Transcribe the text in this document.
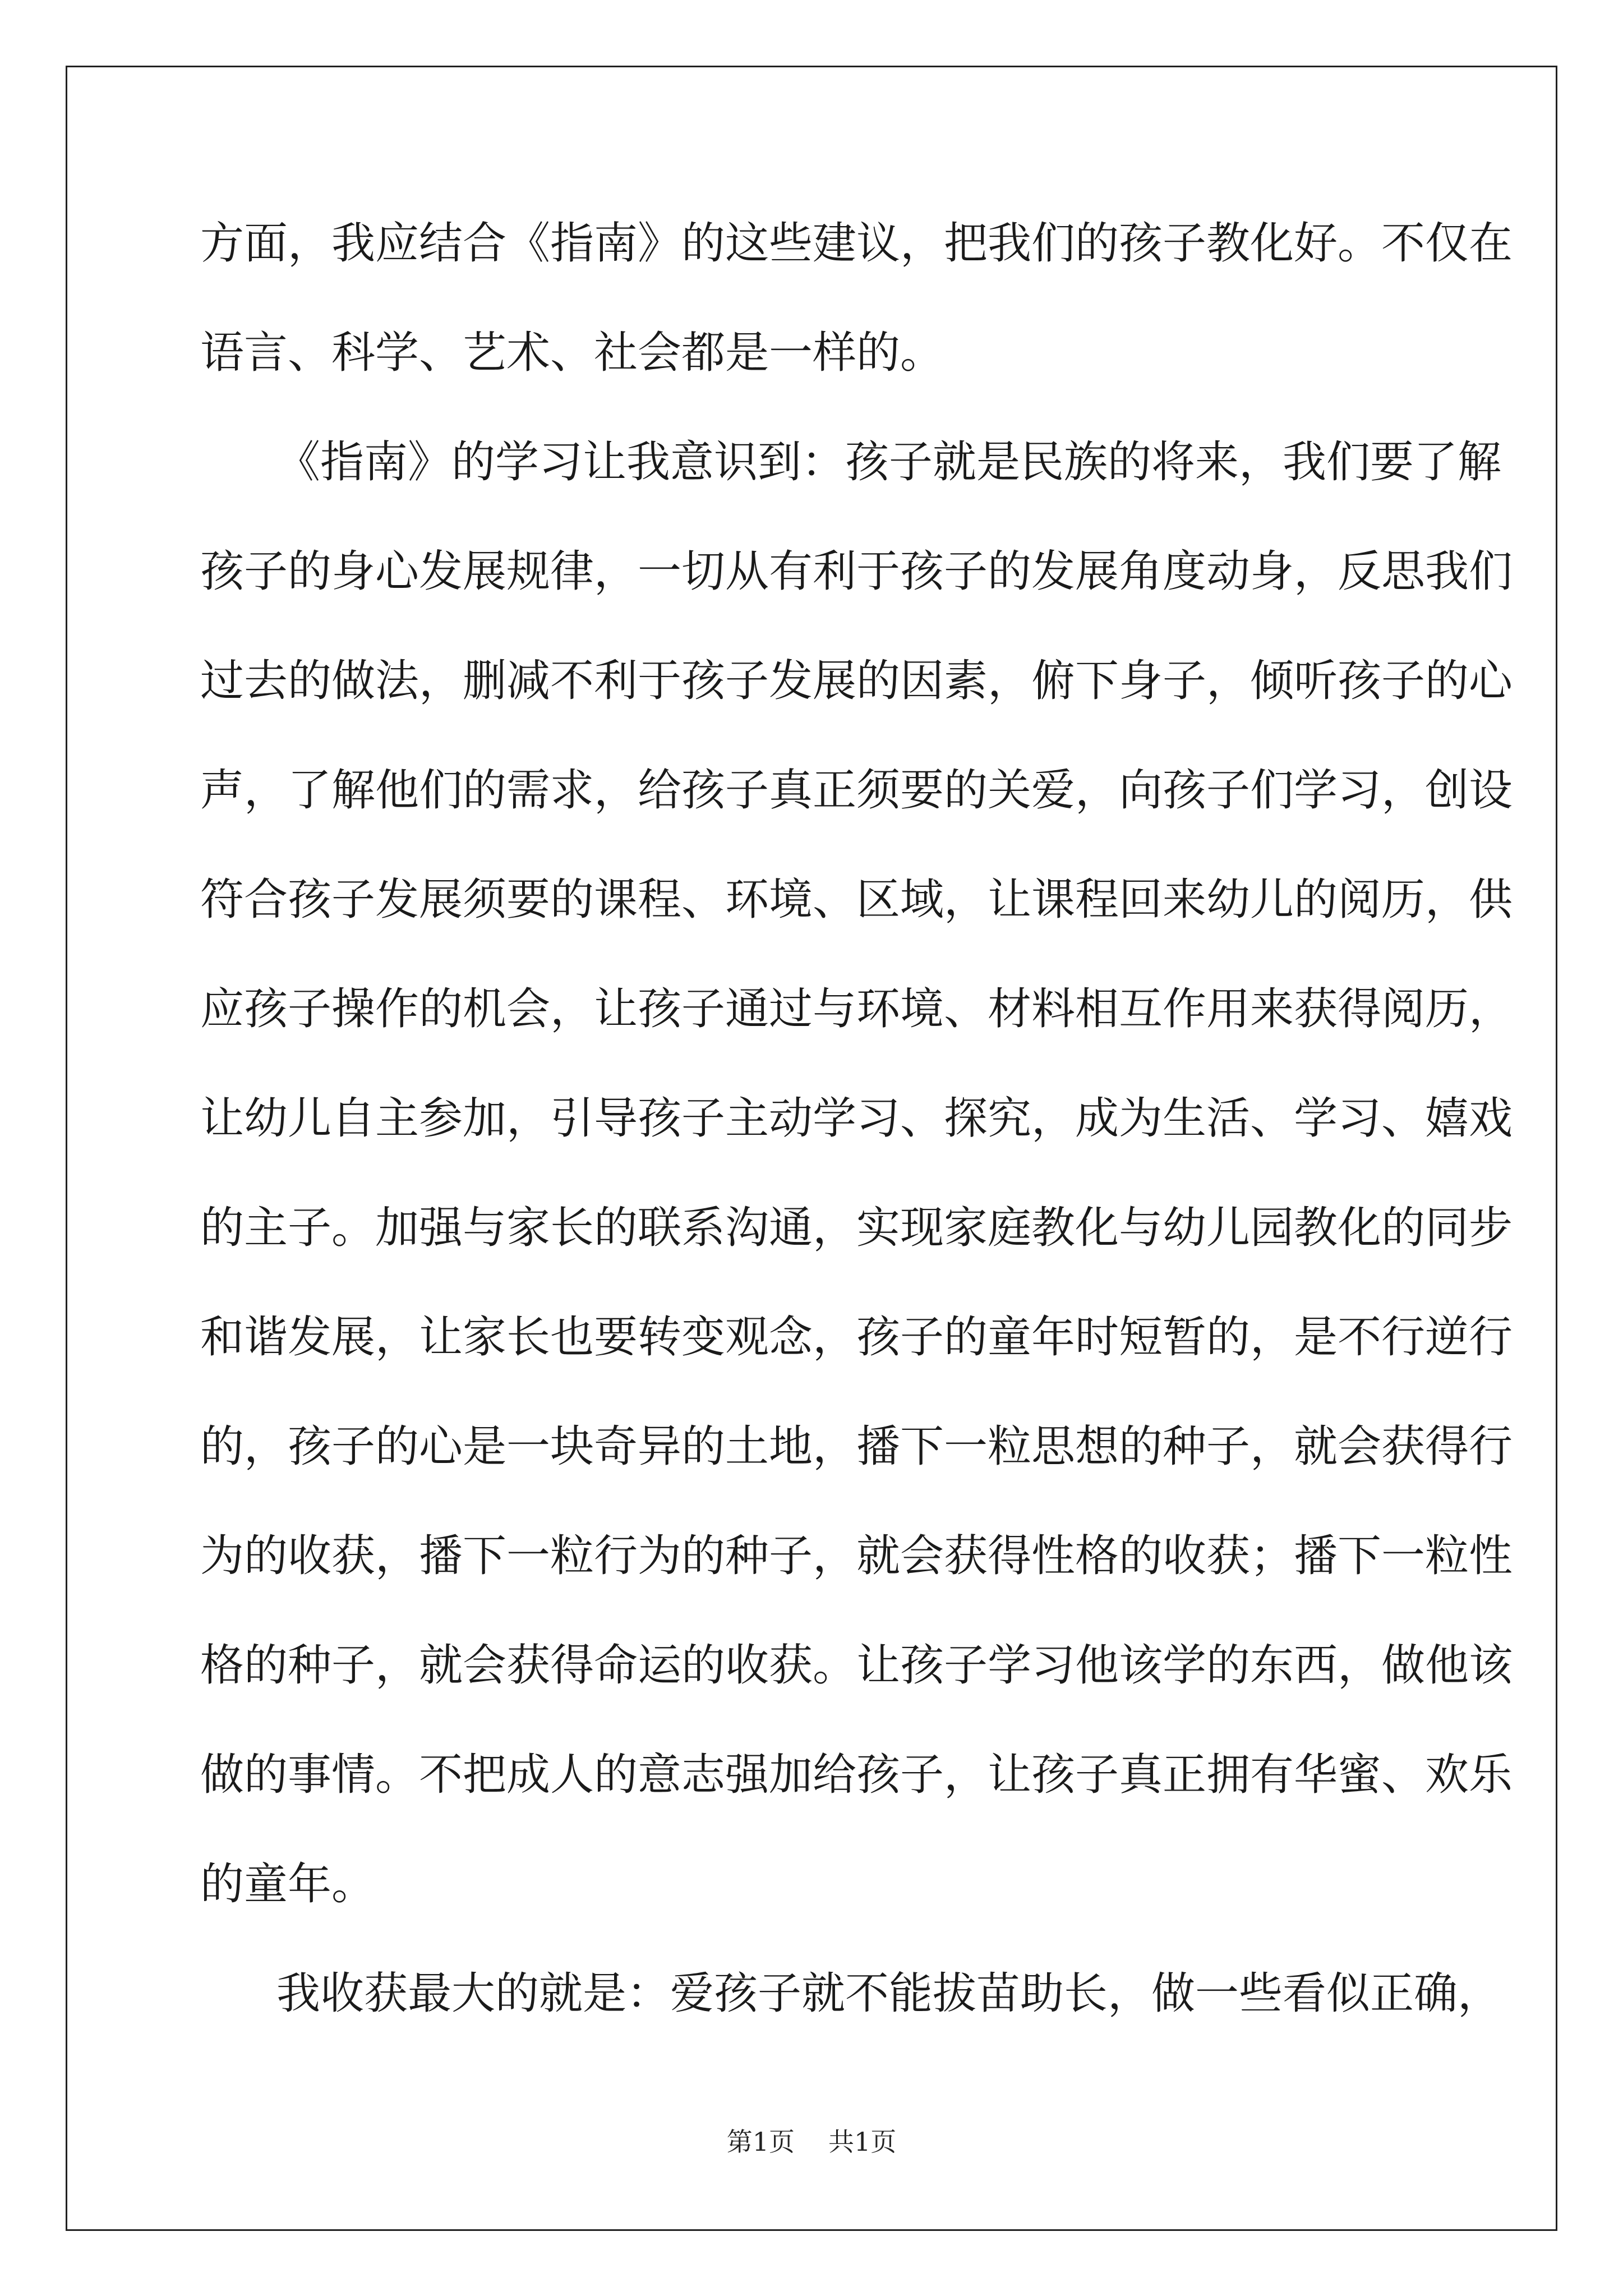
方面，我应结合《指南》的这些建议，把我们的孩子教化好。不仅在
语言、科学、艺术、社会都是一样的。
《指南》的学习让我意识到：孩子就是民族的将来，我们要了解
孩子的身心发展规律，一切从有利于孩子的发展角度动身，反思我们
过去的做法，删减不利于孩子发展的因素，俯下身子，倾听孩子的心
声，了解他们的需求，给孩子真正须要的关爱，向孩子们学习，创设
符合孩子发展须要的课程、环境、区域，让课程回来幼儿的阅历，供
应孩子操作的机会，让孩子通过与环境、材料相互作用来获得阅历，
让幼儿自主参加，引导孩子主动学习、探究，成为生活、学习、嬉戏
的主子。加强与家长的联系沟通，实现家庭教化与幼儿园教化的同步
和谐发展，让家长也要转变观念，孩子的童年时短暂的，是不行逆行
的，孩子的心是一块奇异的土地，播下一粒思想的种子，就会获得行
为的收获，播下一粒行为的种子，就会获得性格的收获；播下一粒性
格的种子，就会获得命运的收获。让孩子学习他该学的东西，做他该
做的事情。不把成人的意志强加给孩子，让孩子真正拥有华蜜、欢乐
的童年。
我收获最大的就是：爱孩子就不能拔苗助长，做一些看似正确，
第1页 共1页
